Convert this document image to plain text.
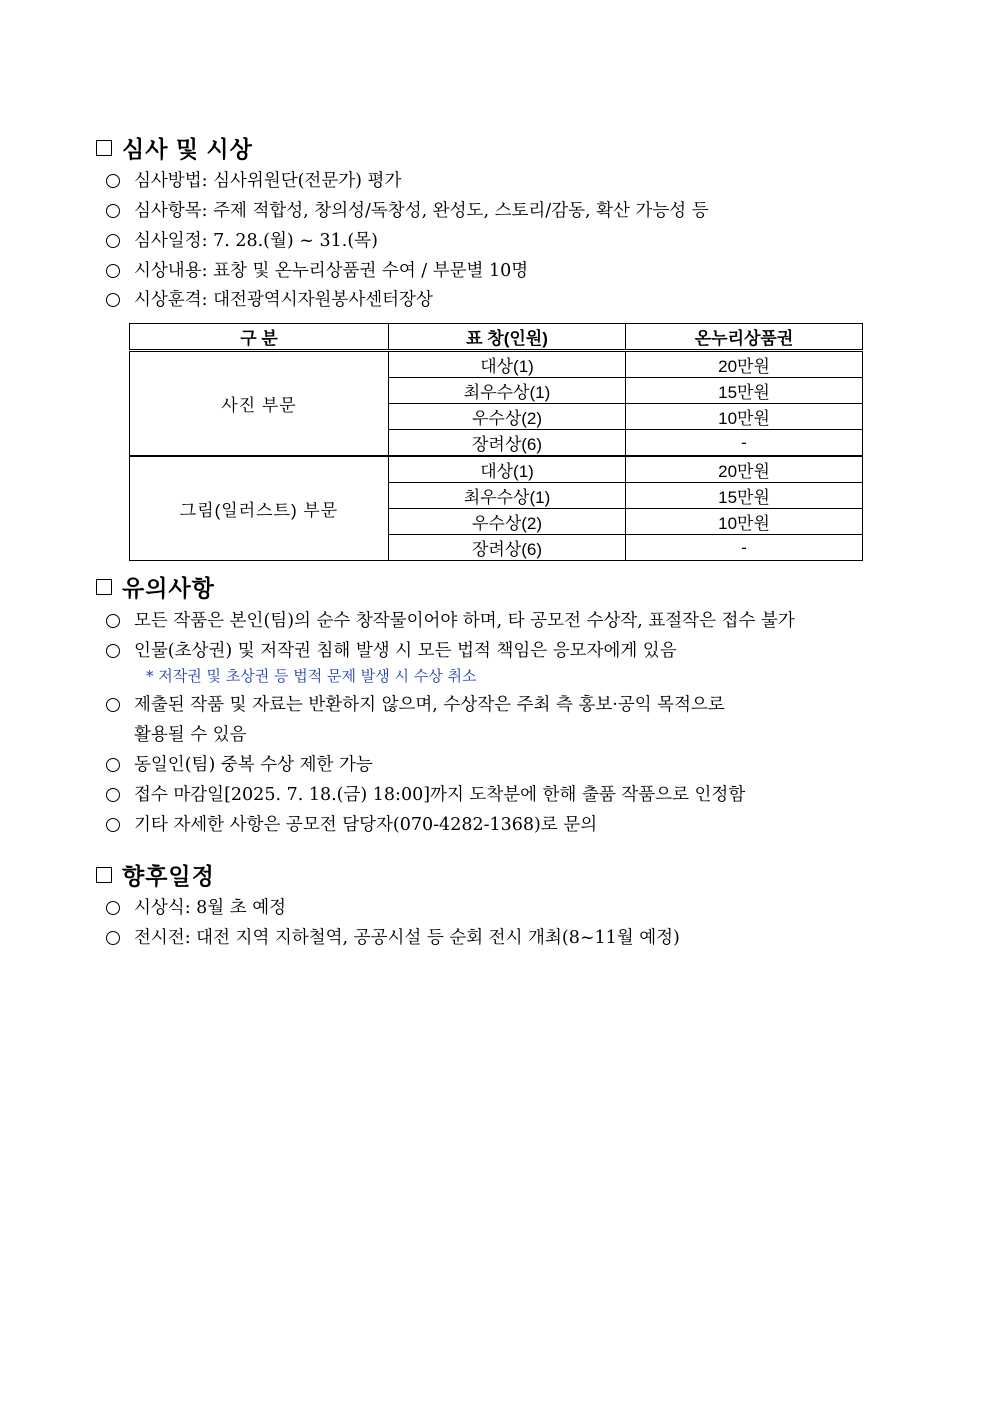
심사 및 시상
심사방법: 심사위원단(전문가) 평가
심사항목: 주제 적합성, 창의성/독창성, 완성도, 스토리/감동, 확산 가능성 등
심사일정: 7. 28.(월) ~ 31.(목)
시상내용: 표창 및 온누리상품권 수여 / 부문별 10명
시상훈격: 대전광역시자원봉사센터장상
구 분	표 창(인원)	온누리상품권
사진 부문	대상(1)	20만원
	최우수상(1)	15만원
	우수상(2)	10만원
	장려상(6)	-
그림(일러스트) 부문	대상(1)	20만원
	최우수상(1)	15만원
	우수상(2)	10만원
	장려상(6)	-
유의사항
모든 작품은 본인(팀)의 순수 창작물이어야 하며, 타 공모전 수상작, 표절작은 접수 불가
인물(초상권) 및 저작권 침해 발생 시 모든 법적 책임은 응모자에게 있음
* 저작권 및 초상권 등 법적 문제 발생 시 수상 취소
제출된 작품 및 자료는 반환하지 않으며, 수상작은 주최 측 홍보·공익 목적으로
활용될 수 있음
동일인(팀) 중복 수상 제한 가능
접수 마감일[2025. 7. 18.(금) 18:00]까지 도착분에 한해 출품 작품으로 인정함
기타 자세한 사항은 공모전 담당자(070-4282-1368)로 문의
향후일정
시상식: 8월 초 예정
전시전: 대전 지역 지하철역, 공공시설 등 순회 전시 개최(8~11월 예정)
